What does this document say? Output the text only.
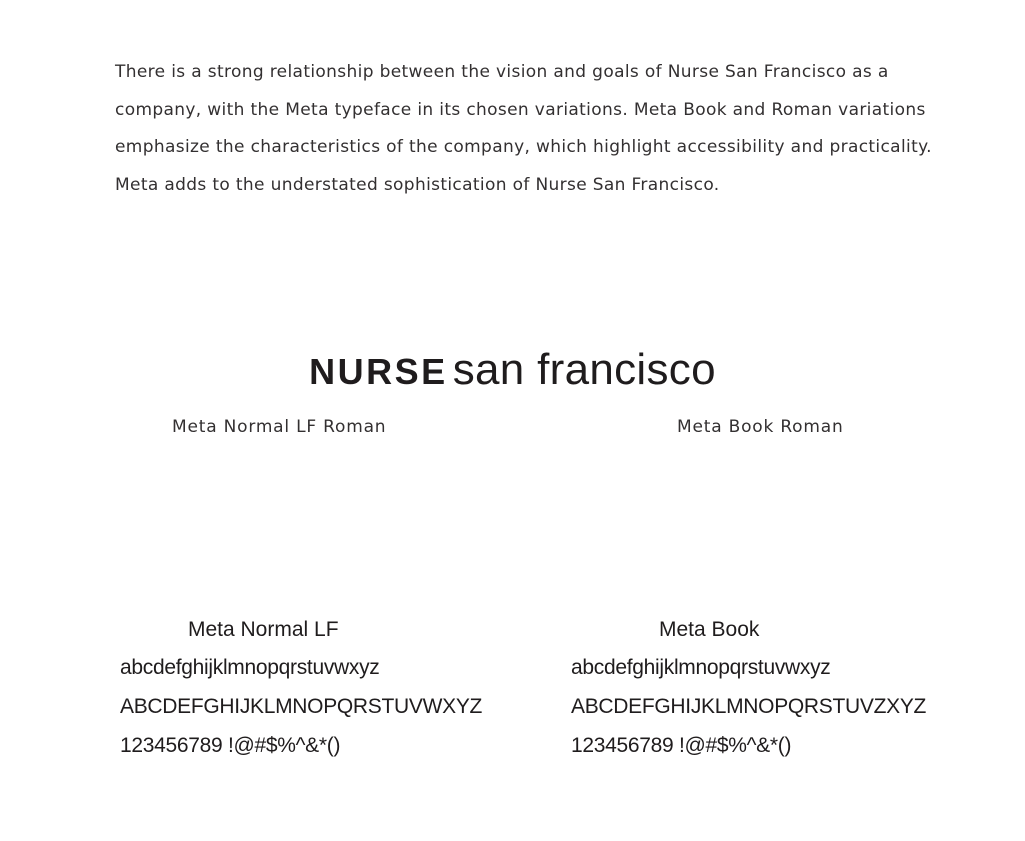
There is a strong relationship between the vision and goals of Nurse San Francisco as a
company, with the Meta typeface in its chosen variations. Meta Book and Roman variations
emphasize the characteristics of the company, which highlight accessibility and practicality.
Meta adds to the understated sophistication of Nurse San Francisco.
NURSE san francisco
Meta Normal LF Roman	Meta Book Roman
Meta Normal LF
abcdefghijklmnopqrstuvwxyz
ABCDEFGHIJKLMNOPQRSTUVWXYZ
123456789 !@#$%^&*()
Meta Book
abcdefghijklmnopqrstuvwxyz
ABCDEFGHIJKLMNOPQRSTUVZXYZ
123456789 !@#$%^&*()
